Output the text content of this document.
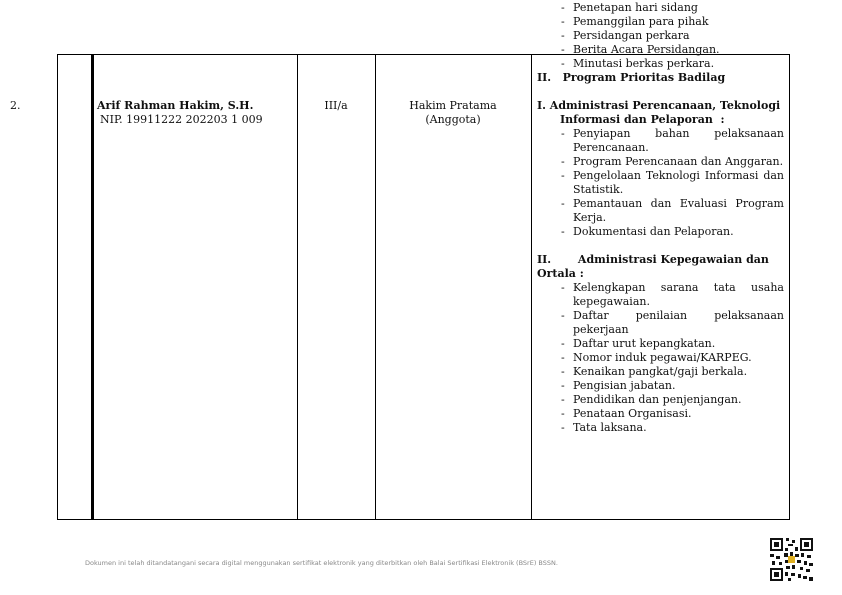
2.	Arif Rahman Hakim, S.H.
NIP. 19911222 202203 1 009
III/a	Hakim Pratama
(Anggota)
- Penetapan hari sidang
- Pemanggilan para pihak
- Persidangan perkara
- Berita Acara Persidangan.
- Minutasi berkas perkara.
II.   Program Prioritas Badilag
I. Administrasi Perencanaan, Teknologi
Informasi dan Pelaporan  :
- Penyiapan bahan pelaksanaan Perencanaan.
- Program Perencanaan dan Anggaran.
- Pengelolaan Teknologi Informasi dan Statistik.
- Pemantauan dan Evaluasi Program Kerja.
- Dokumentasi dan Pelaporan.
II.       Administrasi Kepegawaian dan
Ortala :
- Kelengkapan sarana tata usaha kepegawaian.
- Daftar penilaian pelaksanaan pekerjaan
- Daftar urut kepangkatan.
- Nomor induk pegawai/KARPEG.
- Kenaikan pangkat/gaji berkala.
- Pengisian jabatan.
- Pendidikan dan penjenjangan.
- Penataan Organisasi.
- Tata laksana.
Dokumen ini telah ditandatangani secara digital menggunakan sertifikat elektronik yang diterbitkan oleh Balai Sertifikasi Elektronik (BSrE) BSSN.
